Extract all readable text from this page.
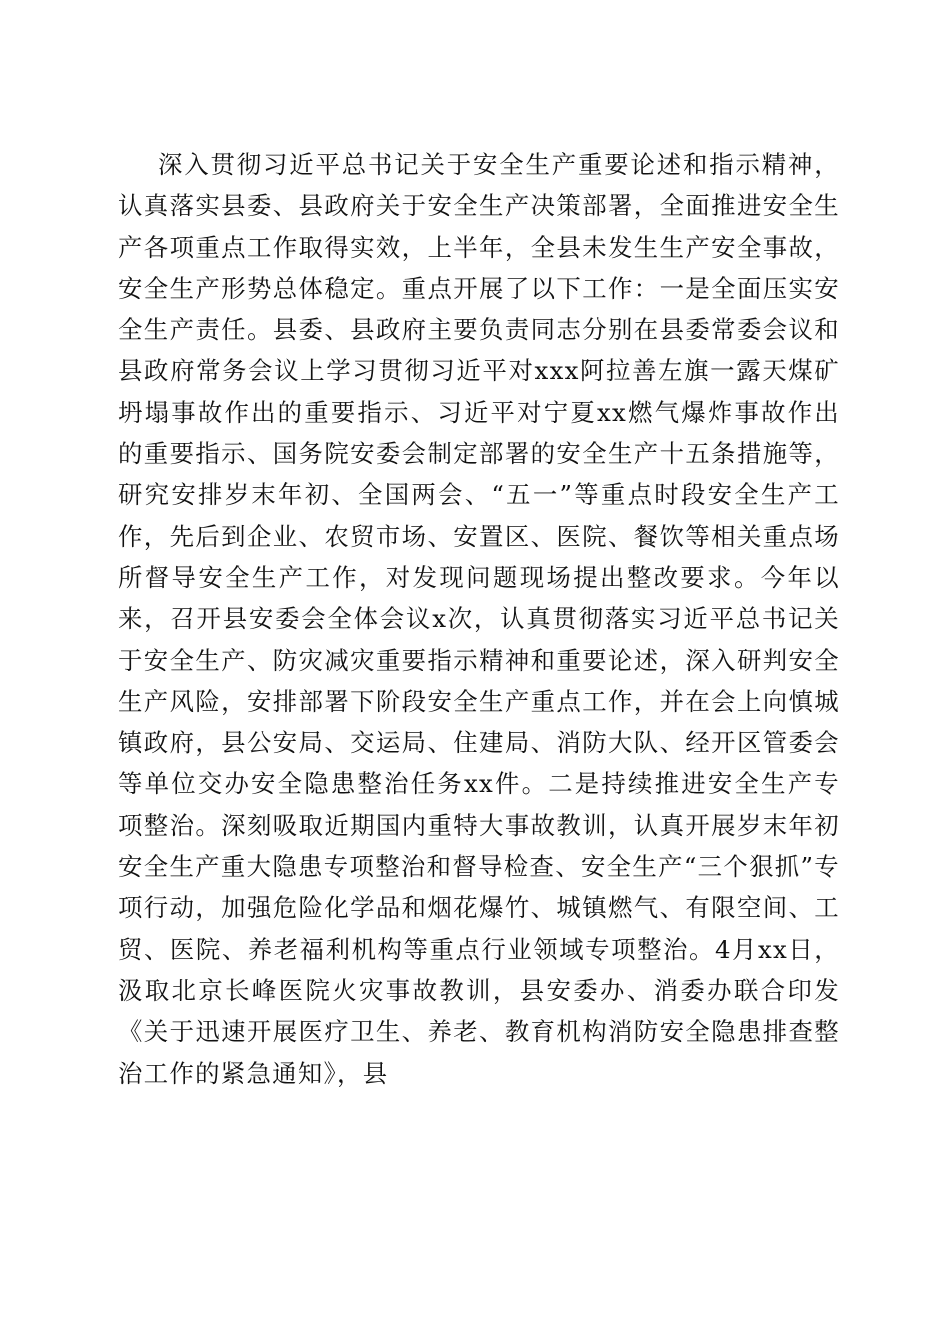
深入贯彻习近平总书记关于安全生产重要论述和指示精神，认真落实县委、县政府关于安全生产决策部署，全面推进安全生产各项重点工作取得实效，上半年，全县未发生生产安全事故，安全生产形势总体稳定。重点开展了以下工作：一是全面压实安全生产责任。县委、县政府主要负责同志分别在县委常委会议和县政府常务会议上学习贯彻习近平对xxx阿拉善左旗一露天煤矿坍塌事故作出的重要指示、习近平对宁夏xx燃气爆炸事故作出的重要指示、国务院安委会制定部署的安全生产十五条措施等，研究安排岁末年初、全国两会、“五一”等重点时段安全生产工作，先后到企业、农贸市场、安置区、医院、餐饮等相关重点场所督导安全生产工作，对发现问题现场提出整改要求。今年以来，召开县安委会全体会议x次，认真贯彻落实习近平总书记关于安全生产、防灾减灾重要指示精神和重要论述，深入研判安全生产风险，安排部署下阶段安全生产重点工作，并在会上向慎城镇政府，县公安局、交运局、住建局、消防大队、经开区管委会等单位交办安全隐患整治任务xx件。二是持续推进安全生产专项整治。深刻吸取近期国内重特大事故教训，认真开展岁末年初安全生产重大隐患专项整治和督导检查、安全生产“三个狠抓”专项行动，加强危险化学品和烟花爆竹、城镇燃气、有限空间、工贸、医院、养老福利机构等重点行业领域专项整治。4月xx日，汲取北京长峰医院火灾事故教训，县安委办、消委办联合印发《关于迅速开展医疗卫生、养老、教育机构消防安全隐患排查整治工作的紧急通知》，县
